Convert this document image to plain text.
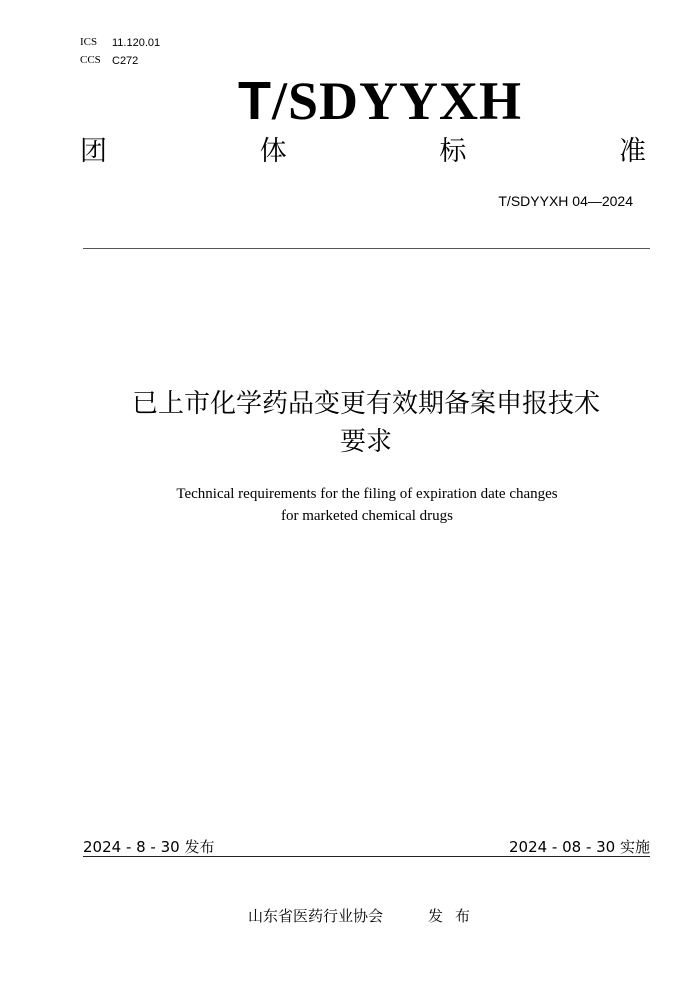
ICS 11.120.01
CCS C272
T/SDYYXH
团	体	标	准
T/SDYYXH 04—2024
已上市化学药品变更有效期备案申报技术
要求
Technical requirements for the filing of expiration date changes
for marketed chemical drugs
2024 - 8 - 30 发布	2024 - 08 - 30 实施
山东省医药行业协会	发布
